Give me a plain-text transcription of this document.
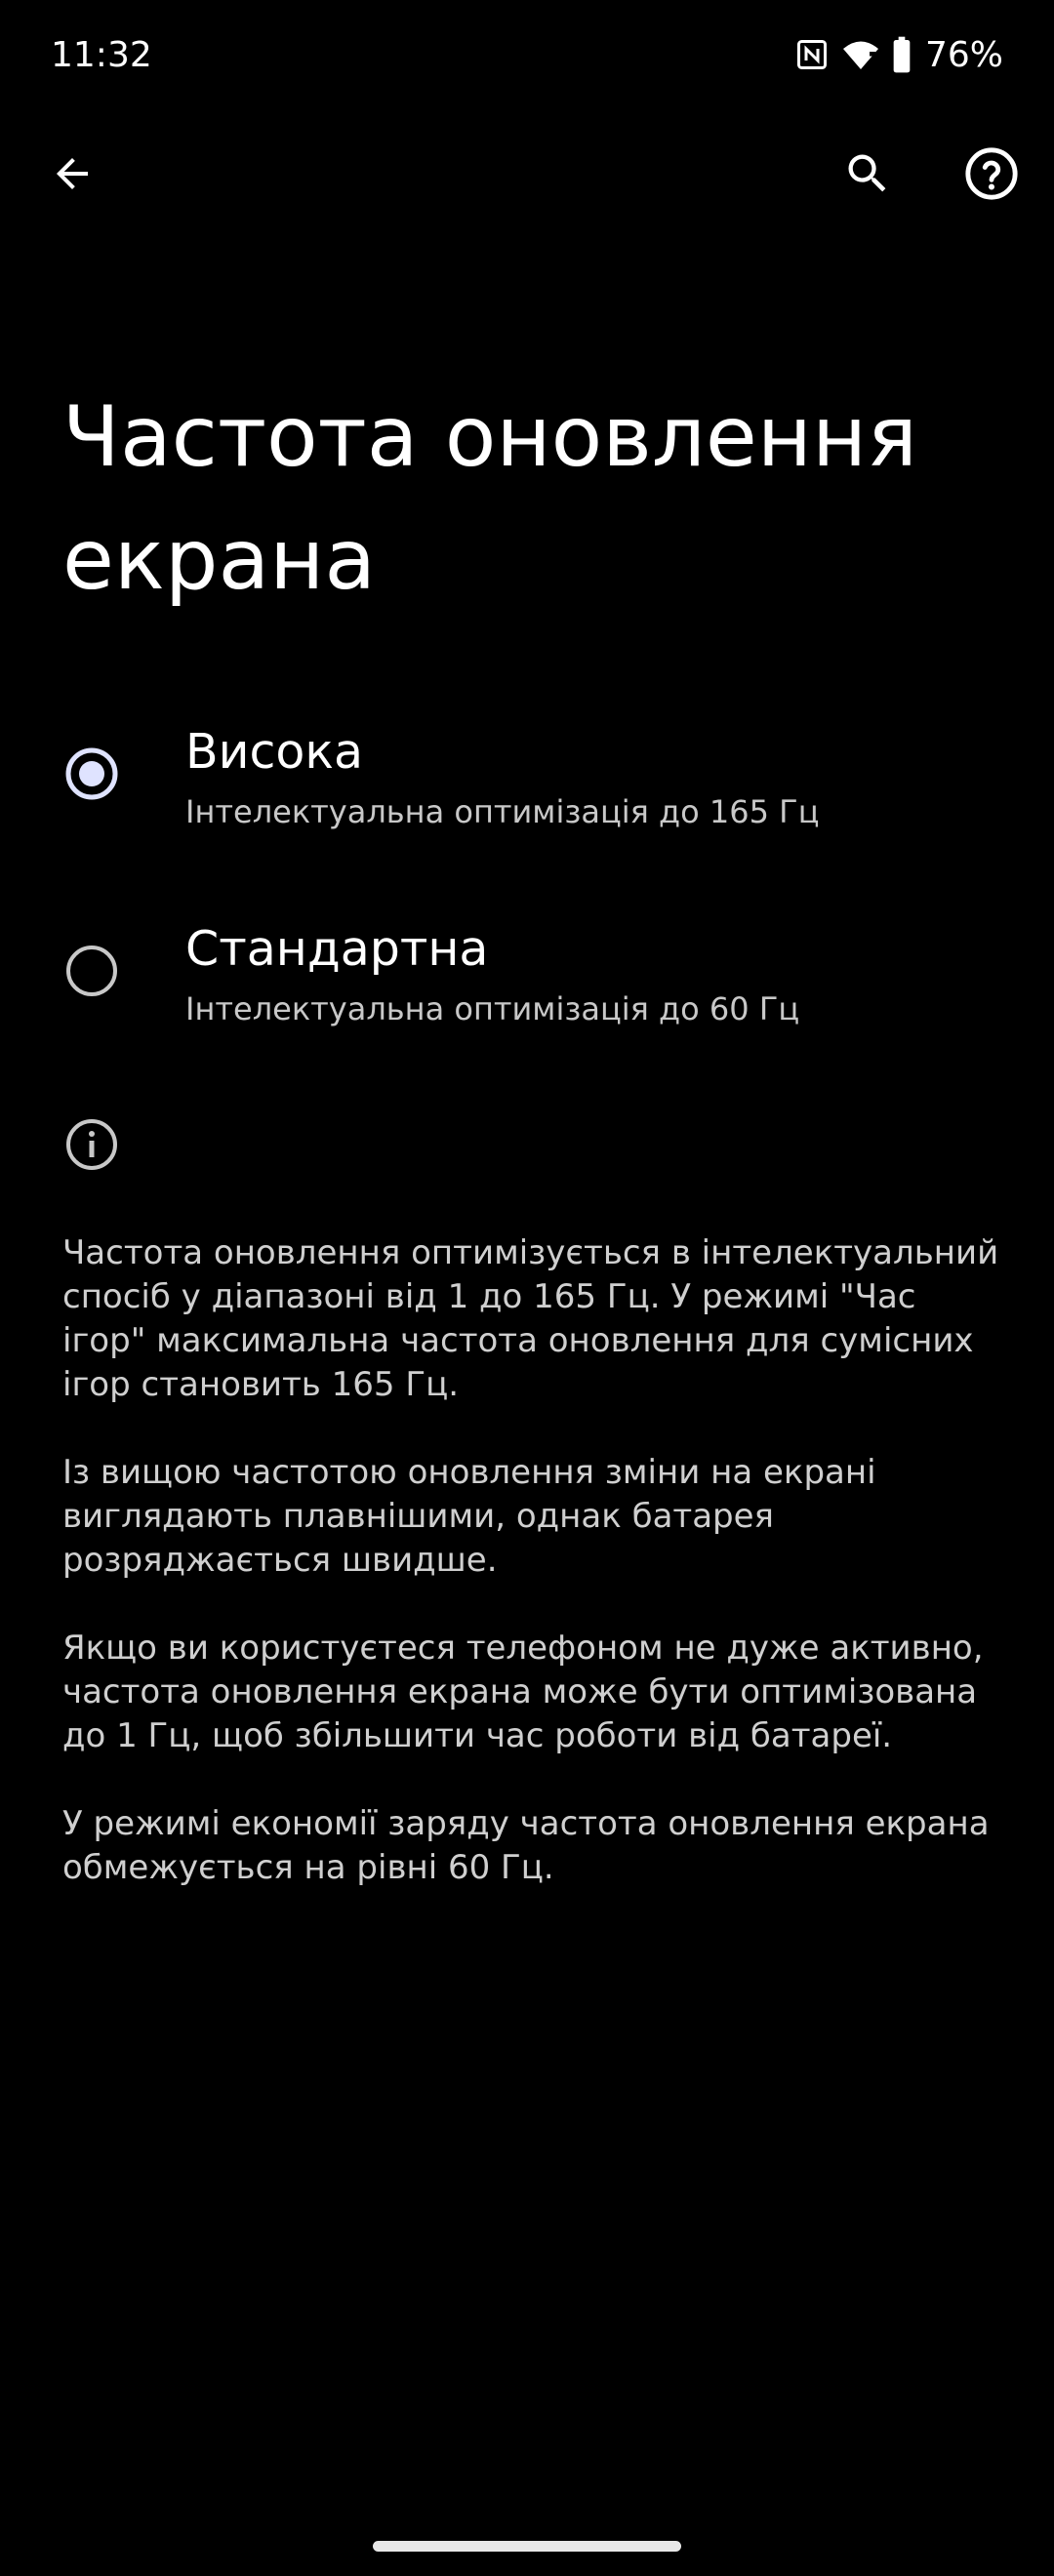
11:32	76%
Частота оновлення екрана
Висока
Інтелектуальна оптимізація до 165 Гц
Стандартна
Інтелектуальна оптимізація до 60 Гц

Частота оновлення оптимізується в інтелектуальний спосіб у діапазоні від 1 до 165 Гц. У режимі "Час ігор" максимальна частота оновлення для сумісних ігор становить 165 Гц.

Із вищою частотою оновлення зміни на екрані виглядають плавнішими, однак батарея розряджається швидше.

Якщо ви користуєтеся телефоном не дуже активно, частота оновлення екрана може бути оптимізована до 1 Гц, щоб збільшити час роботи від батареї.

У режимі економії заряду частота оновлення екрана обмежується на рівні 60 Гц.
